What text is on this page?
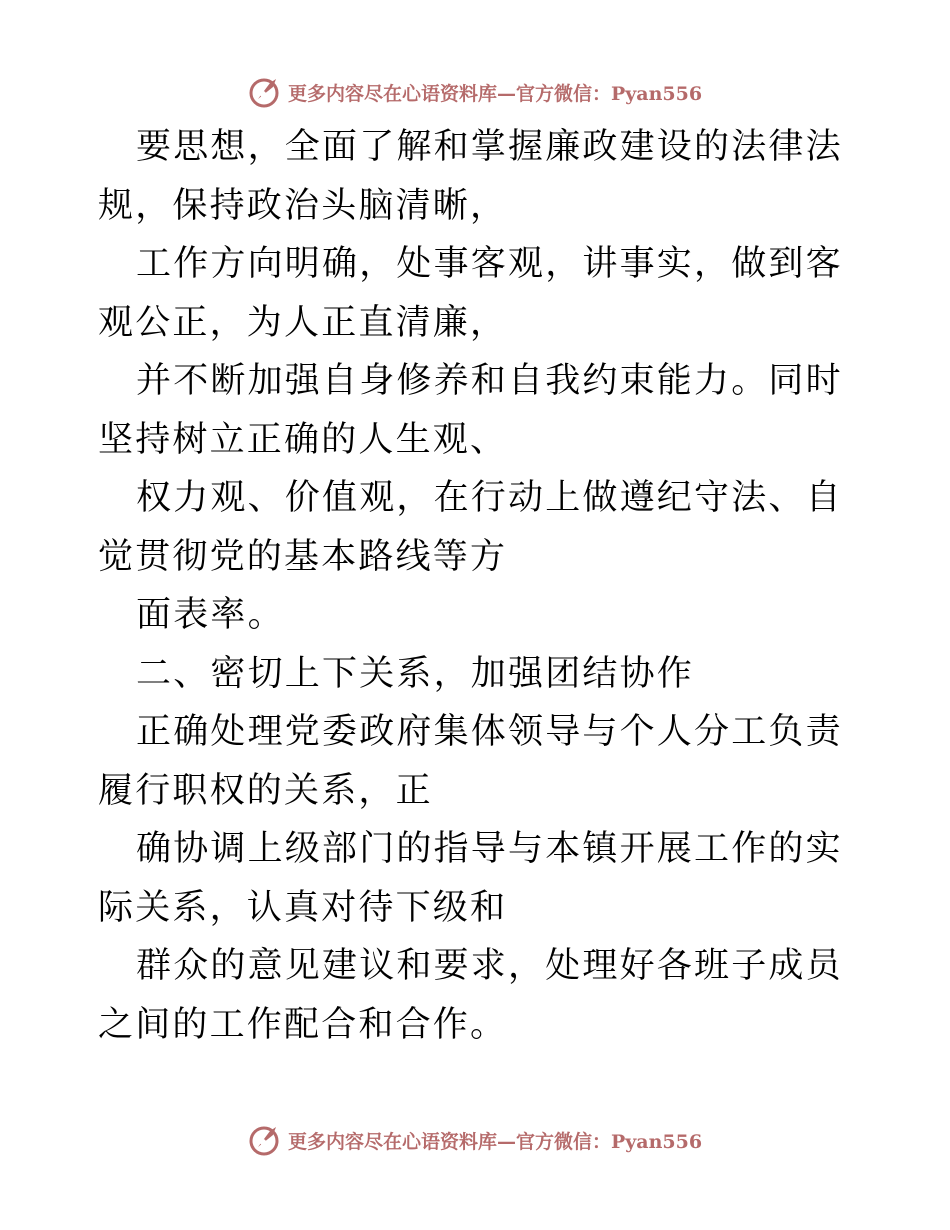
更多内容尽在心语资料库—官方微信：Pyan556

要思想，全面了解和掌握廉政建设的法律法规，保持政治头脑清晰，

工作方向明确，处事客观，讲事实，做到客观公正，为人正直清廉，

并不断加强自身修养和自我约束能力。同时坚持树立正确的人生观、

权力观、价值观，在行动上做遵纪守法、自觉贯彻党的基本路线等方

面表率。

二、密切上下关系，加强团结协作

正确处理党委政府集体领导与个人分工负责履行职权的关系，正

确协调上级部门的指导与本镇开展工作的实际关系，认真对待下级和

群众的意见建议和要求，处理好各班子成员之间的工作配合和合作。

更多内容尽在心语资料库—官方微信：Pyan556
